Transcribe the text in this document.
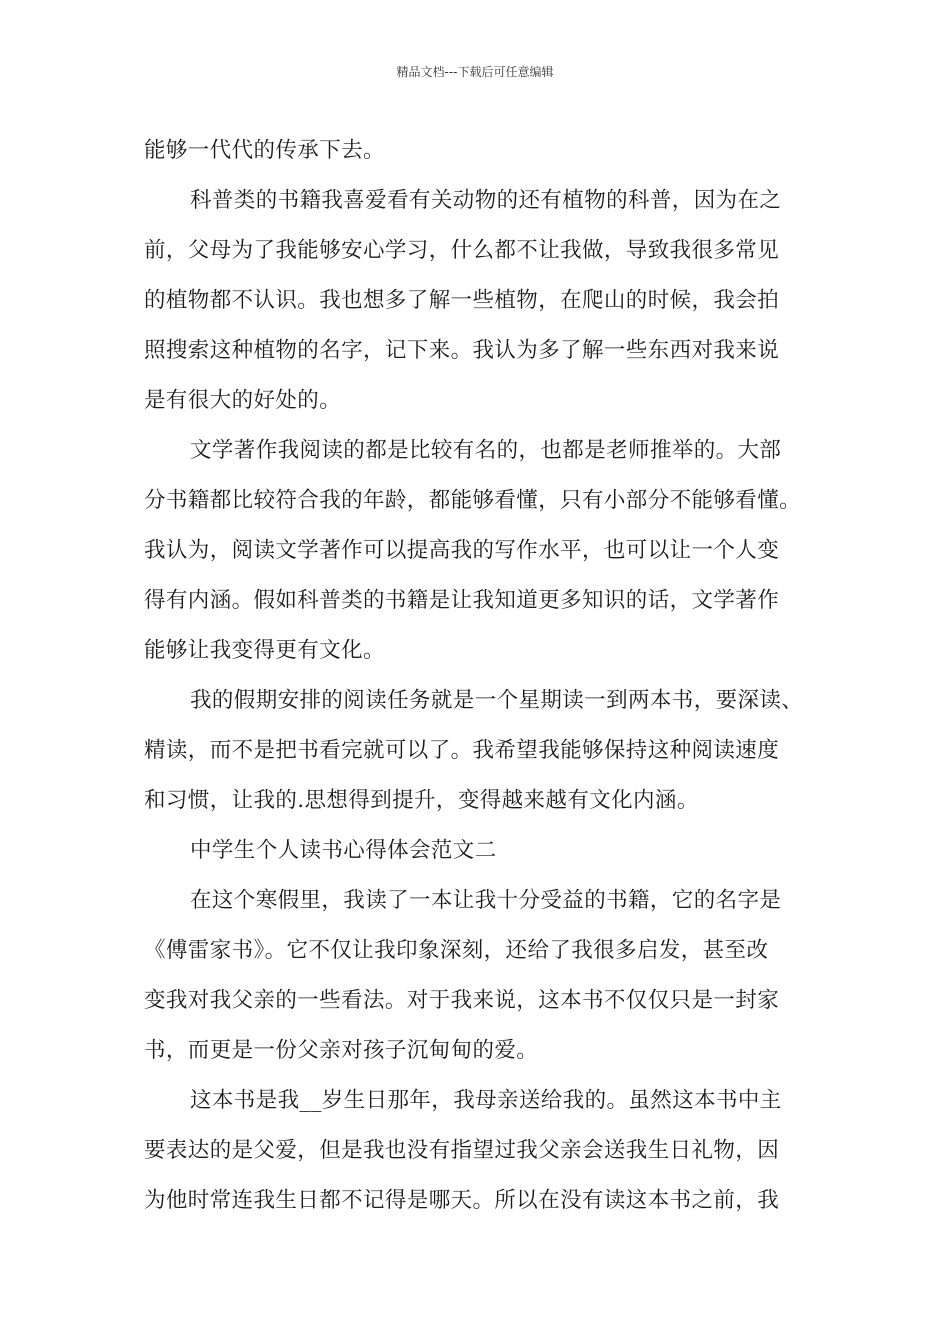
精品文档---下载后可任意编辑
能够一代代的传承下去。
科普类的书籍我喜爱看有关动物的还有植物的科普，因为在之
前，父母为了我能够安心学习，什么都不让我做，导致我很多常见
的植物都不认识。我也想多了解一些植物，在爬山的时候，我会拍
照搜索这种植物的名字，记下来。我认为多了解一些东西对我来说
是有很大的好处的。
文学著作我阅读的都是比较有名的，也都是老师推举的。大部
分书籍都比较符合我的年龄，都能够看懂，只有小部分不能够看懂。
我认为，阅读文学著作可以提高我的写作水平，也可以让一个人变
得有内涵。假如科普类的书籍是让我知道更多知识的话，文学著作
能够让我变得更有文化。
我的假期安排的阅读任务就是一个星期读一到两本书，要深读、
精读，而不是把书看完就可以了。我希望我能够保持这种阅读速度
和习惯，让我的.思想得到提升，变得越来越有文化内涵。
中学生个人读书心得体会范文二
在这个寒假里，我读了一本让我十分受益的书籍，它的名字是
《傅雷家书》。它不仅让我印象深刻，还给了我很多启发，甚至改
变我对我父亲的一些看法。对于我来说，这本书不仅仅只是一封家
书，而更是一份父亲对孩子沉甸甸的爱。
这本书是我__岁生日那年，我母亲送给我的。虽然这本书中主
要表达的是父爱，但是我也没有指望过我父亲会送我生日礼物，因
为他时常连我生日都不记得是哪天。所以在没有读这本书之前，我
